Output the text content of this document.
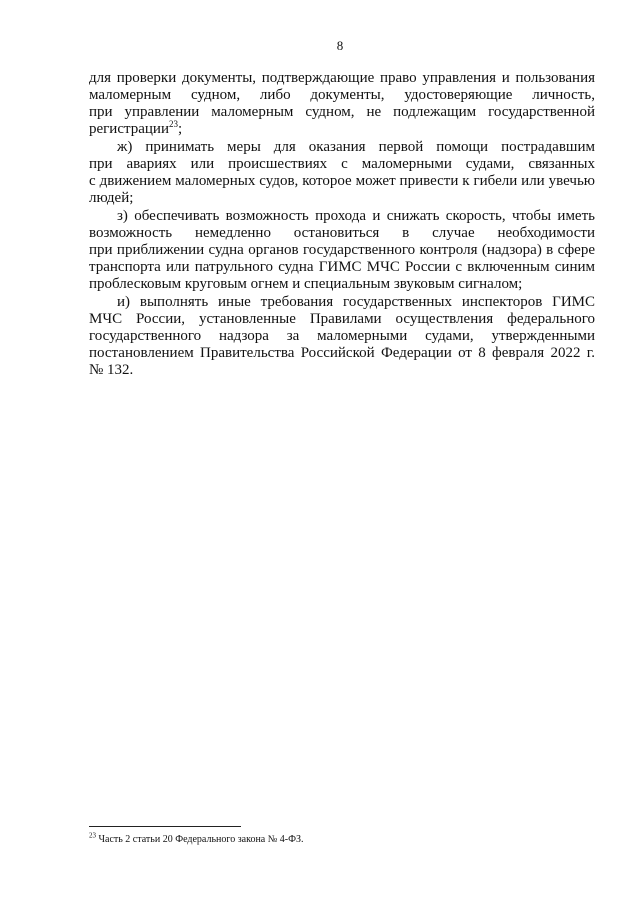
8
для проверки документы, подтверждающие право управления и пользования
маломерным судном, либо документы, удостоверяющие личность,
при управлении маломерным судном, не подлежащим государственной
регистрации$^{23}$;
ж) принимать меры для оказания первой помощи пострадавшим
при авариях или происшествиях с маломерными судами, связанных
с движением маломерных судов, которое может привести к гибели или увечью
людей;
з) обеспечивать возможность прохода и снижать скорость, чтобы иметь
возможность немедленно остановиться в случае необходимости
при приближении судна органов государственного контроля (надзора) в сфере
транспорта или патрульного судна ГИМС МЧС России с включенным синим
проблесковым круговым огнем и специальным звуковым сигналом;
и) выполнять иные требования государственных инспекторов ГИМС
МЧС России, установленные Правилами осуществления федерального
государственного надзора за маломерными судами, утвержденными
постановлением Правительства Российской Федерации от 8 февраля 2022 г.
№ 132.
$^{23}$ Часть 2 статьи 20 Федерального закона № 4-ФЗ.
